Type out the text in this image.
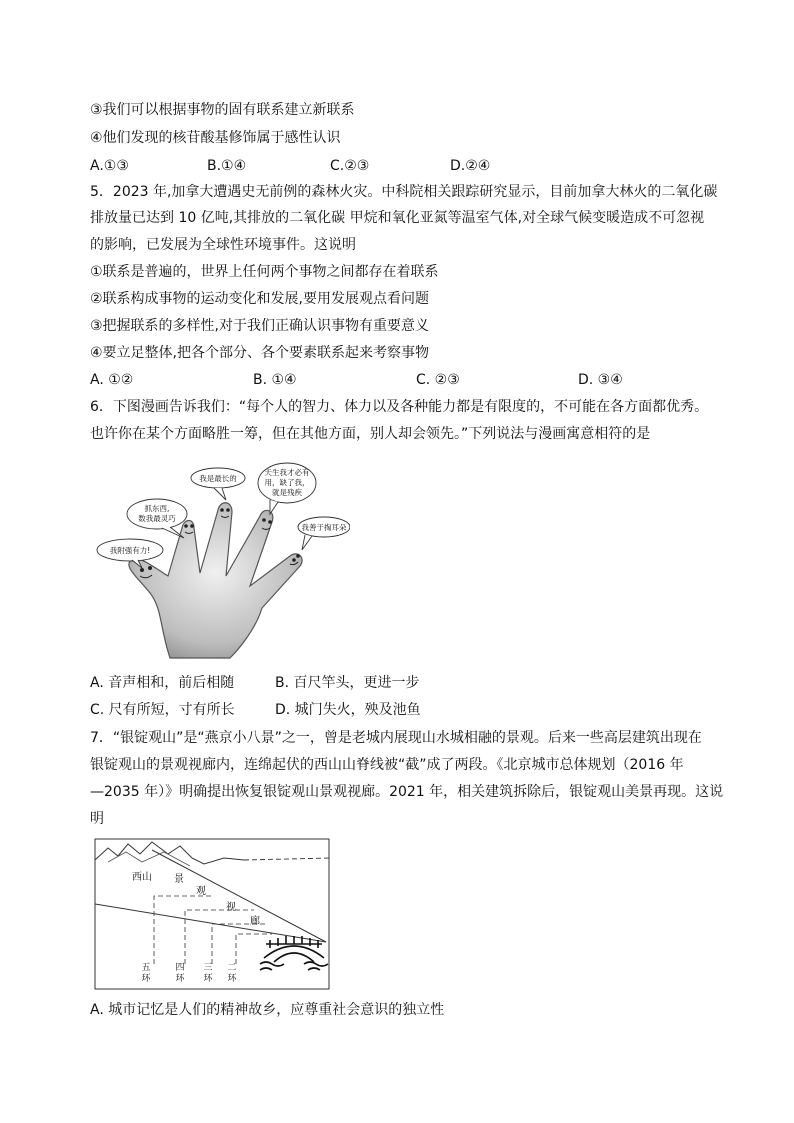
③我们可以根据事物的固有联系建立新联系
④他们发现的核苷酸基修饰属于感性认识
A.①③	B.①④	C.②③	D.②④
5．2023 年,加拿大遭遇史无前例的森林火灾。中科院相关跟踪研究显示，目前加拿大林火的二氧化碳
排放量已达到 10 亿吨,其排放的二氧化碳 甲烷和氧化亚氮等温室气体,对全球气候变暖造成不可忽视
的影响，已发展为全球性环境事件。这说明
①联系是普遍的，世界上任何两个事物之间都存在着联系
②联系构成事物的运动变化和发展,要用发展观点看问题
③把握联系的多样性,对于我们正确认识事物有重要意义
④要立足整体,把各个部分、各个要素联系起来考察事物
A. ①②	B. ①④	C. ②③	D. ③④
6．下图漫画告诉我们：“每个人的智力、体力以及各种能力都是有限度的，不可能在各方面都优秀。
也许你在某个方面略胜一筹，但在其他方面，别人却会领先。”下列说法与漫画寓意相符的是
我附强有力!
抓东西,
数我最灵巧
我是最长的
天生我才必有
用，缺了我，
就是残疾
我善于掏耳朵
A. 音声相和，前后相随	B. 百尺竿头，更进一步
C. 尺有所短，寸有所长	D. 城门失火，殃及池鱼
7．“银锭观山”是“燕京小八景”之一，曾是老城内展现山水城相融的景观。后来一些高层建筑出现在
银锭观山的景观视廊内，连绵起伏的西山山脊线被“截”成了两段。《北京城市总体规划（2016 年
—2035 年）》明确提出恢复银锭观山景观视廊。2021 年，相关建筑拆除后，银锭观山美景再现。这说
明
西山 景
观
视
廊
五
环
四
环
三
环
二
环
A. 城市记忆是人们的精神故乡，应尊重社会意识的独立性
